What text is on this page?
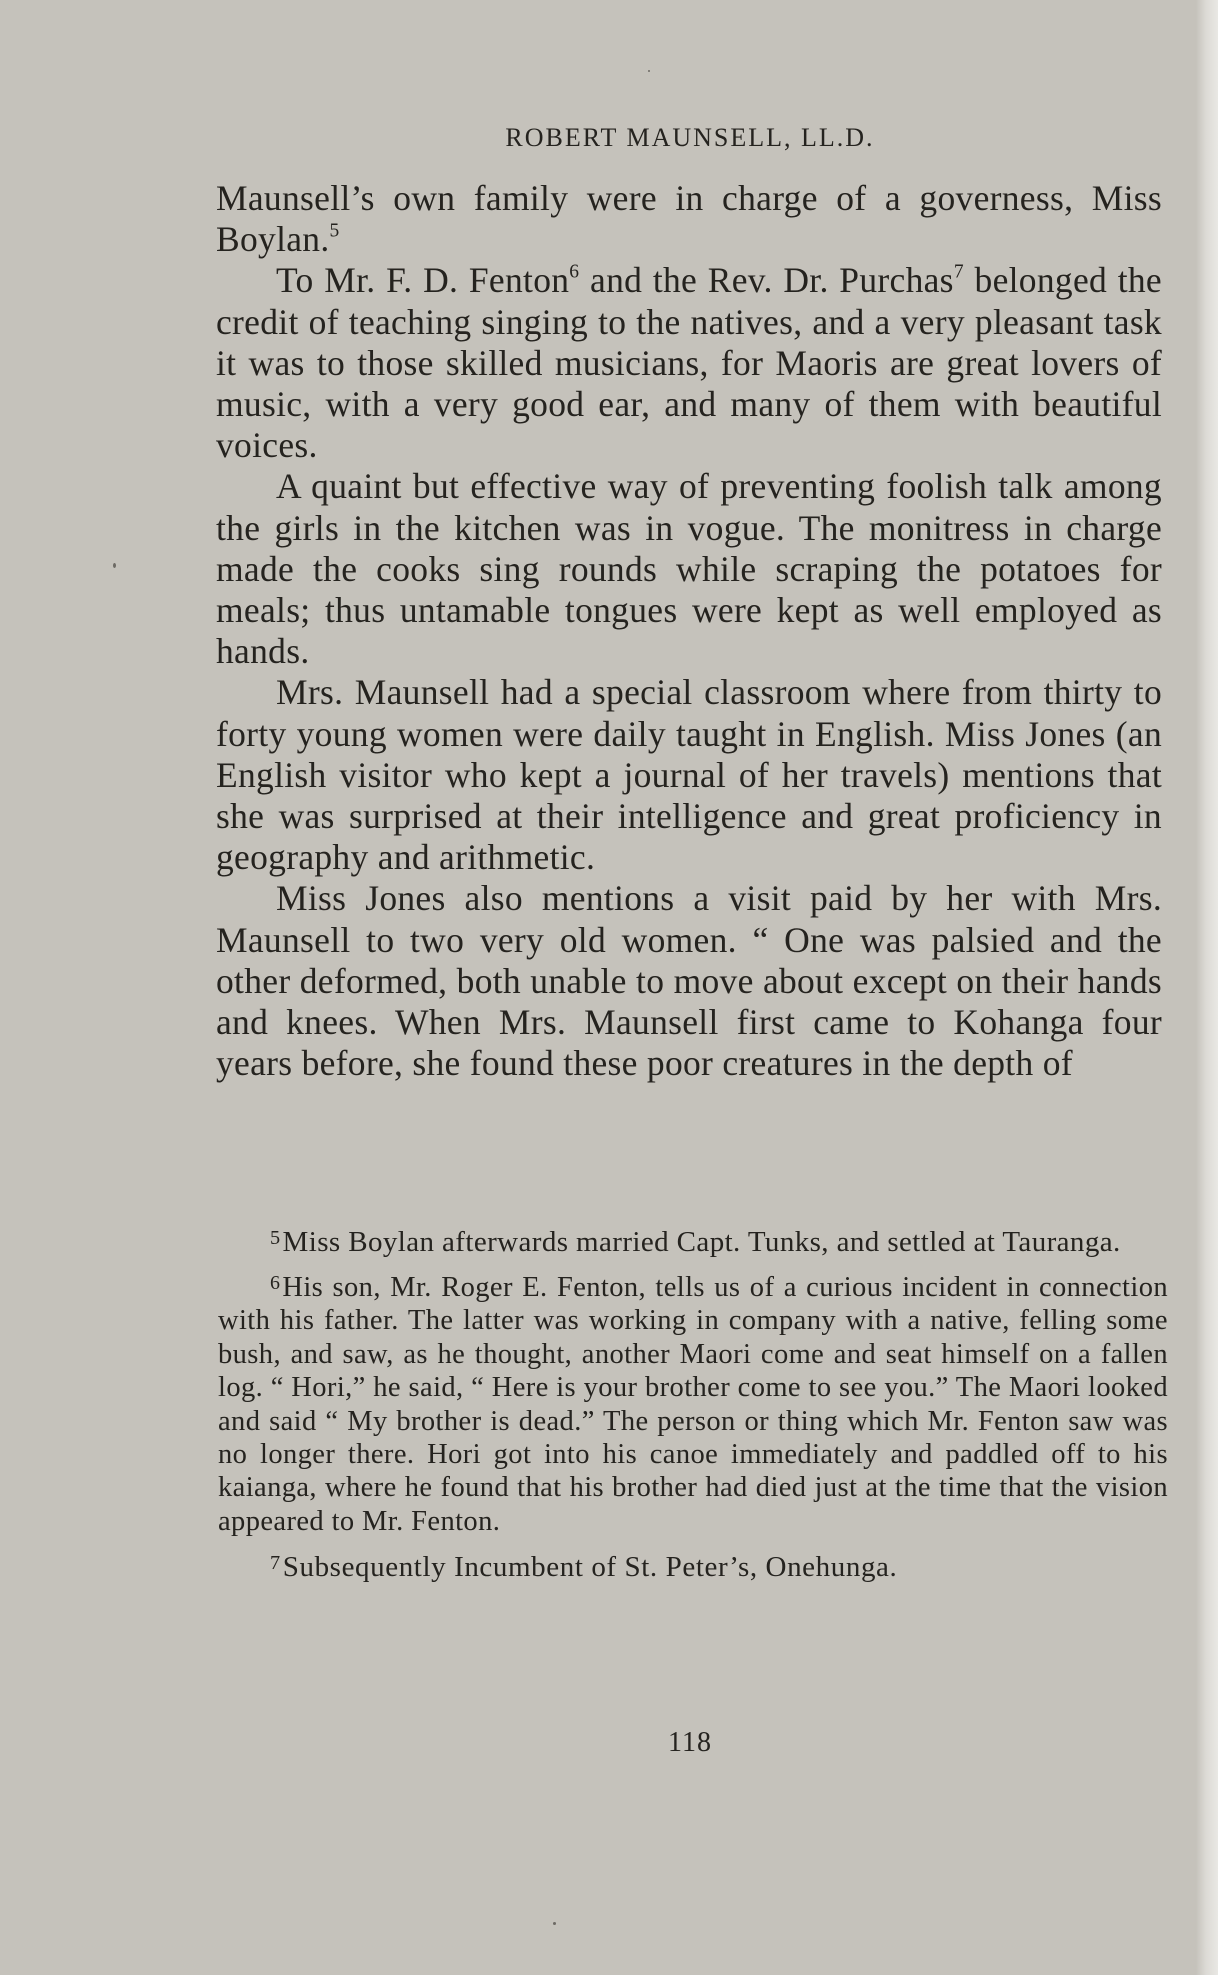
ROBERT MAUNSELL, LL.D.

Maunsell’s own family were in charge of a governess, Miss Boylan.$^5$

To Mr. F. D. Fenton$^6$ and the Rev. Dr. Purchas$^7$ belonged the credit of teaching singing to the natives, and a very pleasant task it was to those skilled musicians, for Maoris are great lovers of music, with a very good ear, and many of them with beautiful voices.

A quaint but effective way of preventing foolish talk among the girls in the kitchen was in vogue. The monitress in charge made the cooks sing rounds while scraping the potatoes for meals; thus untamable tongues were kept as well employed as hands.

Mrs. Maunsell had a special classroom where from thirty to forty young women were daily taught in English. Miss Jones (an English visitor who kept a journal of her travels) mentions that she was surprised at their intelligence and great proficiency in geography and arithmetic.

Miss Jones also mentions a visit paid by her with Mrs. Maunsell to two very old women. “ One was palsied and the other deformed, both unable to move about except on their hands and knees. When Mrs. Maunsell first came to Kohanga four years before, she found these poor creatures in the depth of

$^5$Miss Boylan afterwards married Capt. Tunks, and settled at Tauranga.

$^6$His son, Mr. Roger E. Fenton, tells us of a curious incident in connection with his father. The latter was working in company with a native, felling some bush, and saw, as he thought, another Maori come and seat himself on a fallen log. “ Hori,” he said, “ Here is your brother come to see you.” The Maori looked and said “ My brother is dead.” The person or thing which Mr. Fenton saw was no longer there. Hori got into his canoe immediately and paddled off to his kaianga, where he found that his brother had died just at the time that the vision appeared to Mr. Fenton.

$^7$Subsequently Incumbent of St. Peter’s, Onehunga.

118
